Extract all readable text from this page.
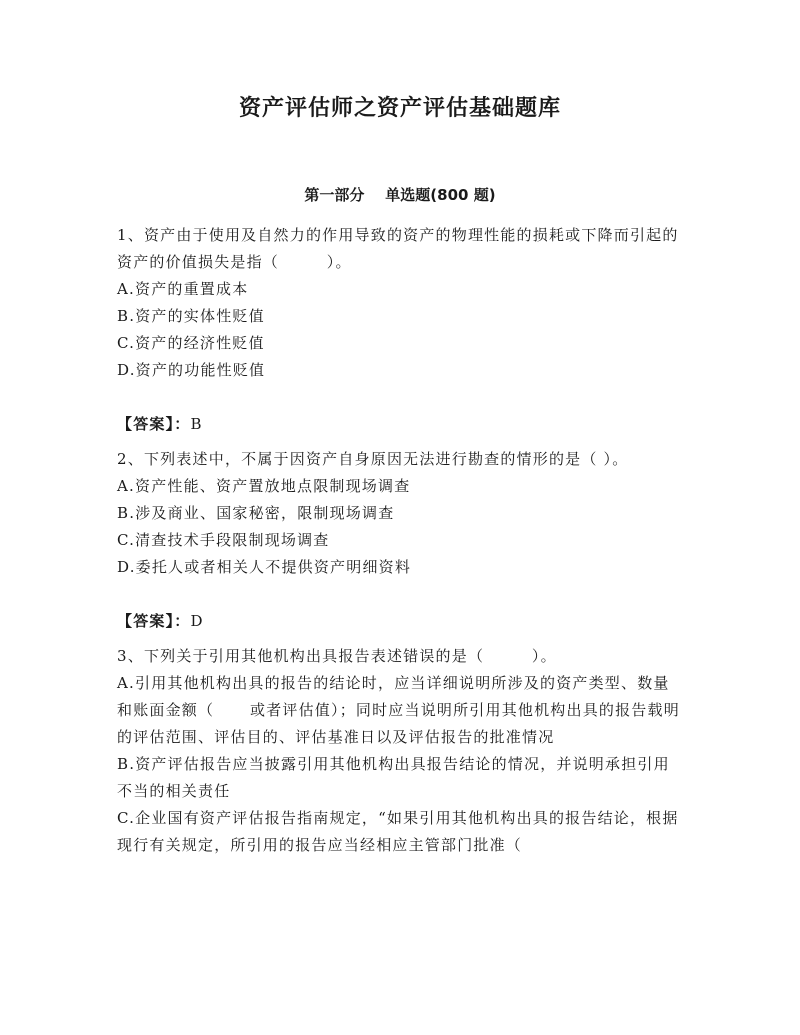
资产评估师之资产评估基础题库
第一部分    单选题(800 题)

1、资产由于使用及自然力的作用导致的资产的物理性能的损耗或下降而引起的资产的价值损失是指（        ）。

A.资产的重置成本

B.资产的实体性贬值

C.资产的经济性贬值

D.资产的功能性贬值

【答案】：B

2、下列表述中，不属于因资产自身原因无法进行勘查的情形的是（ ）。

A.资产性能、资产置放地点限制现场调查

B.涉及商业、国家秘密，限制现场调查

C.清查技术手段限制现场调查

D.委托人或者相关人不提供资产明细资料

【答案】：D

3、下列关于引用其他机构出具报告表述错误的是（        ）。

A.引用其他机构出具的报告的结论时，应当详细说明所涉及的资产类型、数量和账面金额（      或者评估值）；同时应当说明所引用其他机构出具的报告载明的评估范围、评估目的、评估基准日以及评估报告的批准情况

B.资产评估报告应当披露引用其他机构出具报告结论的情况，并说明承担引用不当的相关责任

C.企业国有资产评估报告指南规定，“如果引用其他机构出具的报告结论，根据现行有关规定，所引用的报告应当经相应主管部门批准（
